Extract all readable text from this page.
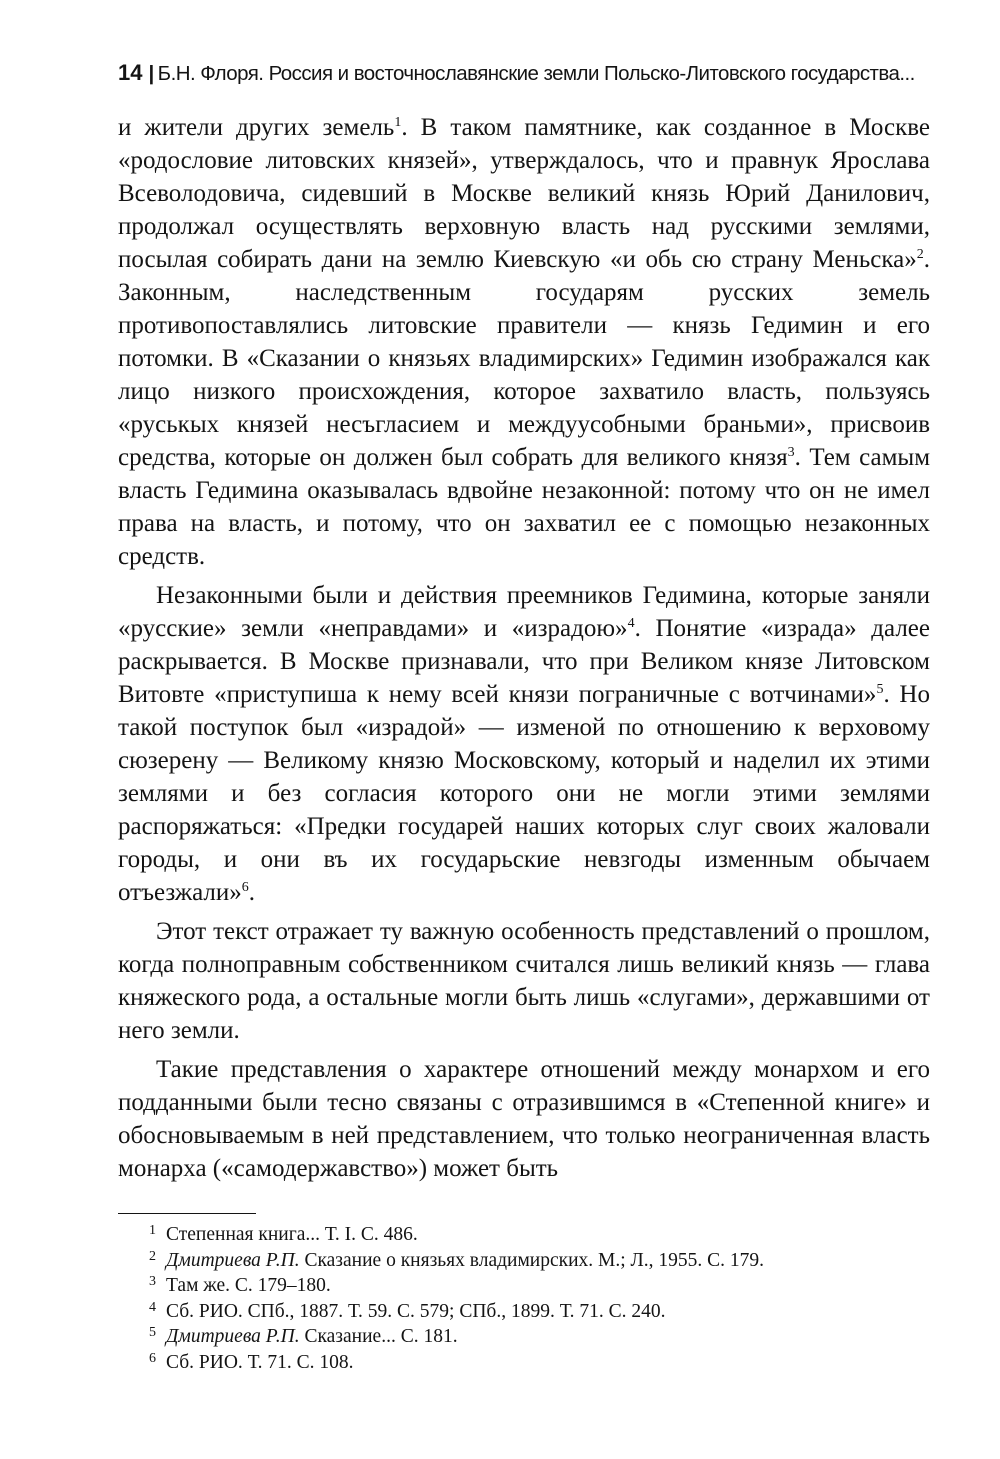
14 | Б.Н. Флоря. Россия и восточнославянские земли Польско-Литовского государства...

и жители других земель$^1$. В таком памятнике, как созданное в Москве «родословие литовских князей», утверждалось, что и правнук Ярослава Всеволодовича, сидевший в Москве великий князь Юрий Данилович, продолжал осуществлять верховную власть над русскими землями, посылая собирать дани на землю Киевскую «и обь сю страну Меньска»$^2$. Законным, наследственным государям русских земель противопоставлялись литовские правители — князь Гедимин и его потомки. В «Сказании о князьях владимирских» Гедимин изображался как лицо низкого происхождения, которое захватило власть, пользуясь «руськых князей несъгласием и междуусобными браньми», присвоив средства, которые он должен был собрать для великого князя$^3$. Тем самым власть Гедимина оказывалась вдвойне незаконной: потому что он не имел права на власть, и потому, что он захватил ее с помощью незаконных средств.

Незаконными были и действия преемников Гедимина, которые заняли «русские» земли «неправдами» и «израдою»$^4$. Понятие «израда» далее раскрывается. В Москве признавали, что при Великом князе Литовском Витовте «приступиша к нему всей князи пограничные с вотчинами»$^5$. Но такой поступок был «израдой» — изменой по отношению к верховому сюзерену — Великому князю Московскому, который и наделил их этими землями и без согласия которого они не могли этими землями распоряжаться: «Предки государей наших которых слуг своих жаловали городы, и они въ их государьские невзгоды изменным обычаем отъезжали»$^6$.

Этот текст отражает ту важную особенность представлений о прошлом, когда полноправным собственником считался лишь великий князь — глава княжеского рода, а остальные могли быть лишь «слугами», державшими от него земли.

Такие представления о характере отношений между монархом и его подданными были тесно связаны с отразившимся в «Степенной книге» и обосновываемым в ней представлением, что только неограниченная власть монарха («самодержавство») может быть

1 Степенная книга... Т. I. С. 486.
2 Дмитриева Р.П. Сказание о князьях владимирских. М.; Л., 1955. С. 179.
3 Там же. С. 179–180.
4 Сб. РИО. СПб., 1887. Т. 59. С. 579; СПб., 1899. Т. 71. С. 240.
5 Дмитриева Р.П. Сказание... С. 181.
6 Сб. РИО. Т. 71. С. 108.
